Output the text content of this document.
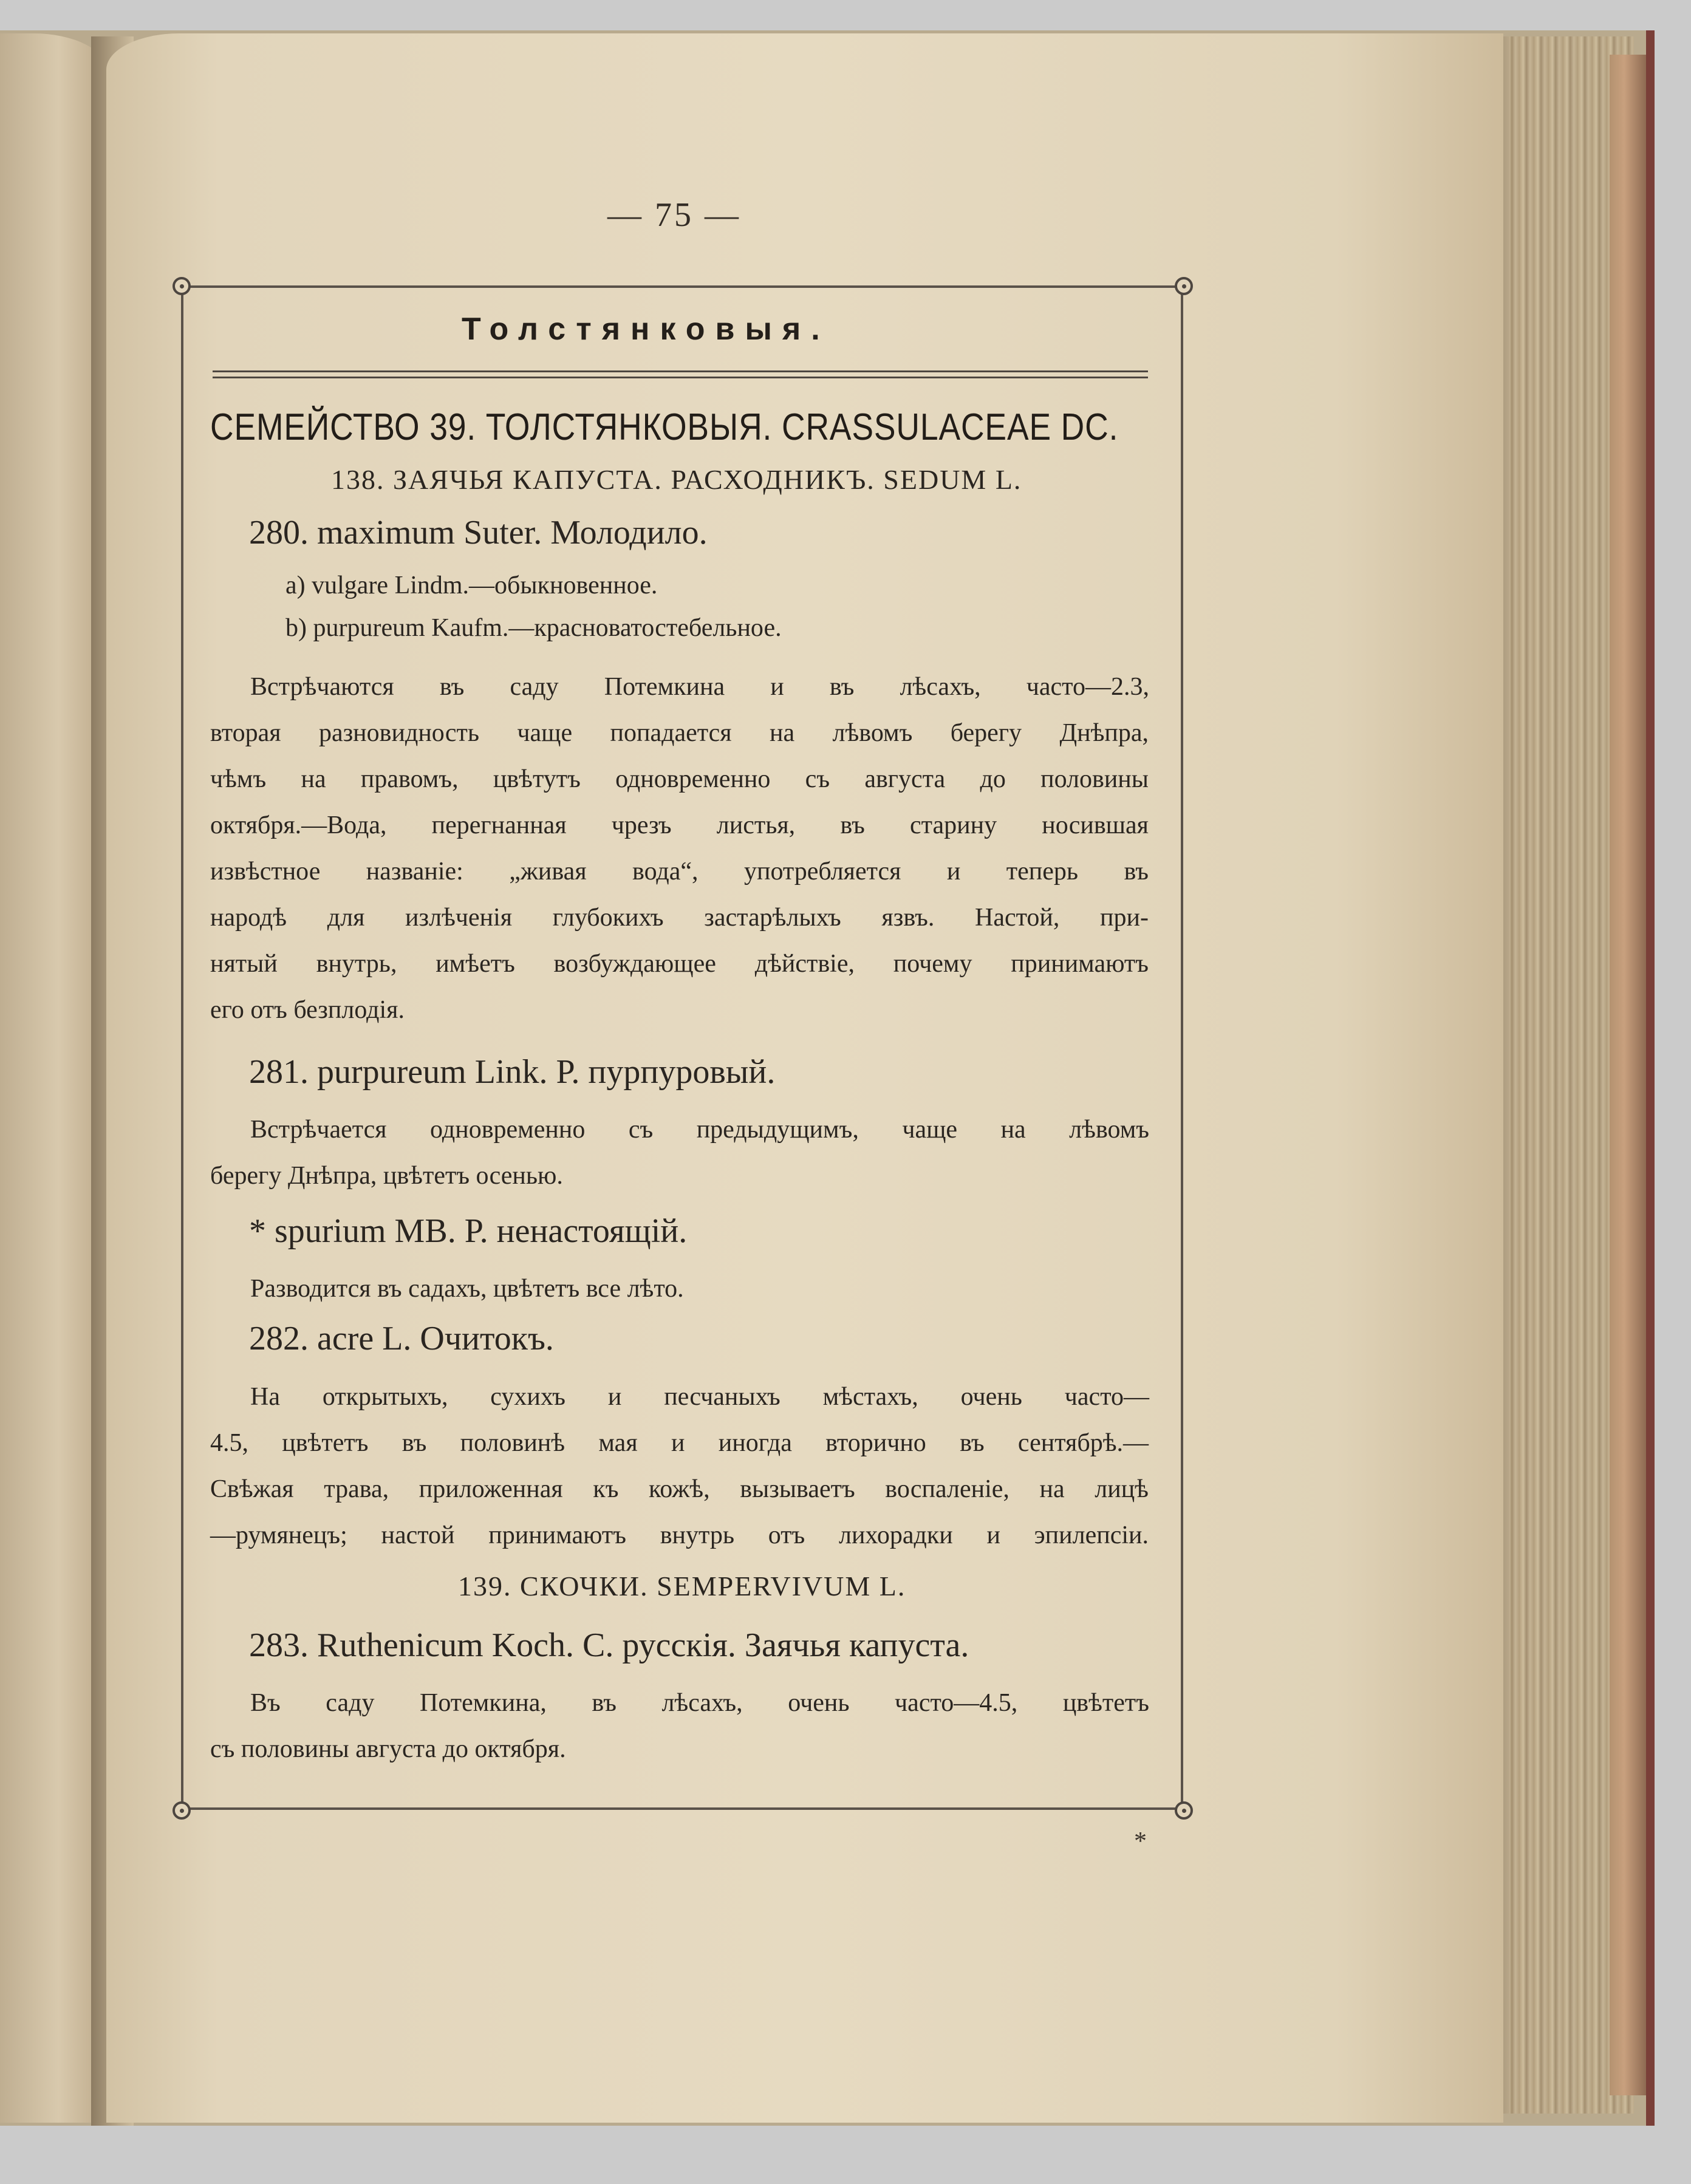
— 75 —
Толстянковыя.
СЕМЕЙСТВО 39. ТОЛСТЯНКОВЫЯ. CRASSULACEAE DC.
138. ЗАЯЧЬЯ КАПУСТА. РАСХОДНИКЪ. SEDUM L.
280. maximum Suter. Молодило.
a) vulgare Lindm.—обыкновенное.
b) purpureum Kaufm.—красноватостебельное.

Встрѣчаются въ саду Потемкина и въ лѣсахъ, часто—2.3,

вторая разновидность чаще попадается на лѣвомъ берегу Днѣпра,

чѣмъ на правомъ, цвѣтутъ одновременно съ августа до половины

октября.—Вода, перегнанная чрезъ листья, въ старину носившая

извѣстное названіе: „живая вода“, употребляется и теперь въ

народѣ для излѣченія глубокихъ застарѣлыхъ язвъ. Настой, при-

нятый внутрь, имѣетъ возбуждающее дѣйствіе, почему принимаютъ

его отъ безплодія.

281. purpureum Link. P. пурпуровый.

Встрѣчается одновременно съ предыдущимъ, чаще на лѣвомъ

берегу Днѣпра, цвѣтетъ осенью.

* spurium MB. P. ненастоящій.

Разводится въ садахъ, цвѣтетъ все лѣто.

282. acre L. Очитокъ.

На открытыхъ, сухихъ и песчаныхъ мѣстахъ, очень часто—

4.5, цвѣтетъ въ половинѣ мая и иногда вторично въ сентябрѣ.—

Свѣжая трава, приложенная къ кожѣ, вызываетъ воспаленіе, на лицѣ

—румянецъ; настой принимаютъ внутрь отъ лихорадки и эпилепсіи.

139. СКОЧКИ. SEMPERVIVUM L.
283. Ruthenicum Koch. C. русскія. Заячья капуста.

Въ саду Потемкина, въ лѣсахъ, очень часто—4.5, цвѣтетъ

съ половины августа до октября.

*
